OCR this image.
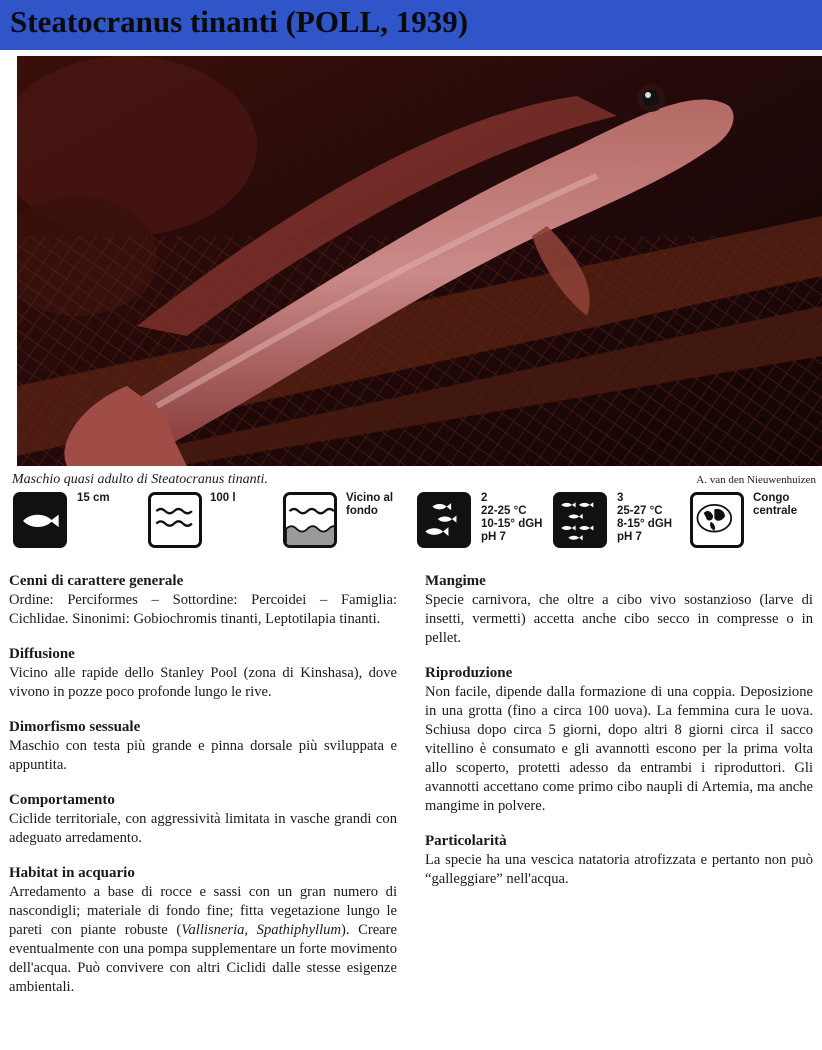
Steatocranus tinanti (POLL, 1939)
Maschio quasi adulto di Steatocranus tinanti.	A. van den Nieuwenhuizen
15 cm	100 l	Vicino al
fondo
2
22-25 °C
10-15° dGH
pH 7
3
25-27 °C
8-15° dGH
pH 7
Congo
centrale
Cenni di carattere generale

Ordine: Perciformes – Sottordine: Percoidei – Famiglia: Cichlidae. Sinonimi: Gobiochromis tinanti, Leptotilapia tinanti.

Diffusione

Vicino alle rapide dello Stanley Pool (zona di Kinshasa), dove vivono in pozze poco profonde lungo le rive.

Dimorfismo sessuale

Maschio con testa più grande e pinna dorsale più sviluppata e appuntita.

Comportamento

Ciclide territoriale, con aggressività limitata in vasche grandi con adeguato arredamento.

Habitat in acquario

Arredamento a base di rocce e sassi con un gran numero di nascondigli; materiale di fondo fine; fitta vegetazione lungo le pareti con piante robuste (Vallisneria, Spathiphyllum). Creare eventualmente con una pompa supplementare un forte movimento dell'acqua. Può convivere con altri Ciclidi dalle stesse esigenze ambientali.

Mangime

Specie carnivora, che oltre a cibo vivo sostanzioso (larve di insetti, vermetti) accetta anche cibo secco in compresse o in pellet.

Riproduzione

Non facile, dipende dalla formazione di una coppia. Deposizione in una grotta (fino a circa 100 uova). La femmina cura le uova. Schiusa dopo circa 5 giorni, dopo altri 8 giorni circa il sacco vitellino è consumato e gli avannotti escono per la prima volta allo scoperto, protetti adesso da entrambi i riproduttori. Gli avannotti accettano come primo cibo naupli di Artemia, ma anche mangime in polvere.

Particolarità

La specie ha una vescica natatoria atrofizzata e pertanto non può “galleggiare” nell'acqua.
